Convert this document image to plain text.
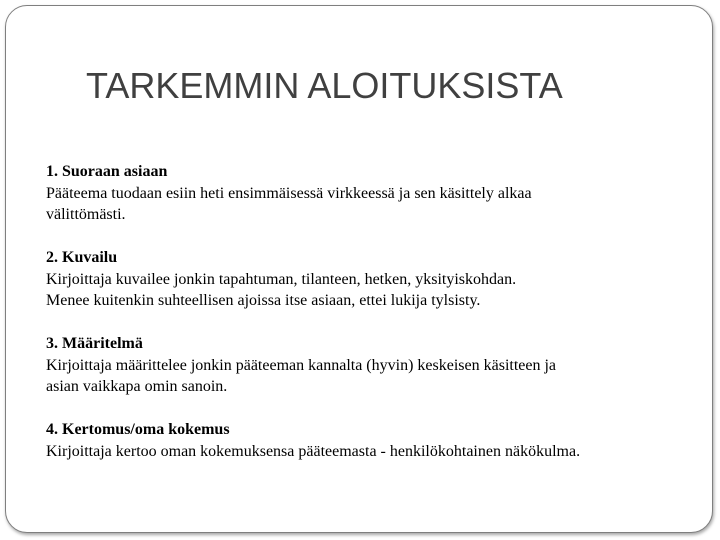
TARKEMMIN ALOITUKSISTA
1. Suoraan asiaan
Pääteema tuodaan esiin heti ensimmäisessä virkkeessä ja sen käsittely alkaa
välittömästi.
2. Kuvailu
Kirjoittaja kuvailee jonkin tapahtuman, tilanteen, hetken, yksityiskohdan.
Menee kuitenkin suhteellisen ajoissa itse asiaan, ettei lukija tylsisty.
3. Määritelmä
Kirjoittaja määrittelee jonkin pääteeman kannalta (hyvin) keskeisen käsitteen ja
asian vaikkapa omin sanoin.
4. Kertomus/oma kokemus
Kirjoittaja kertoo oman kokemuksensa pääteemasta - henkilökohtainen näkökulma.
